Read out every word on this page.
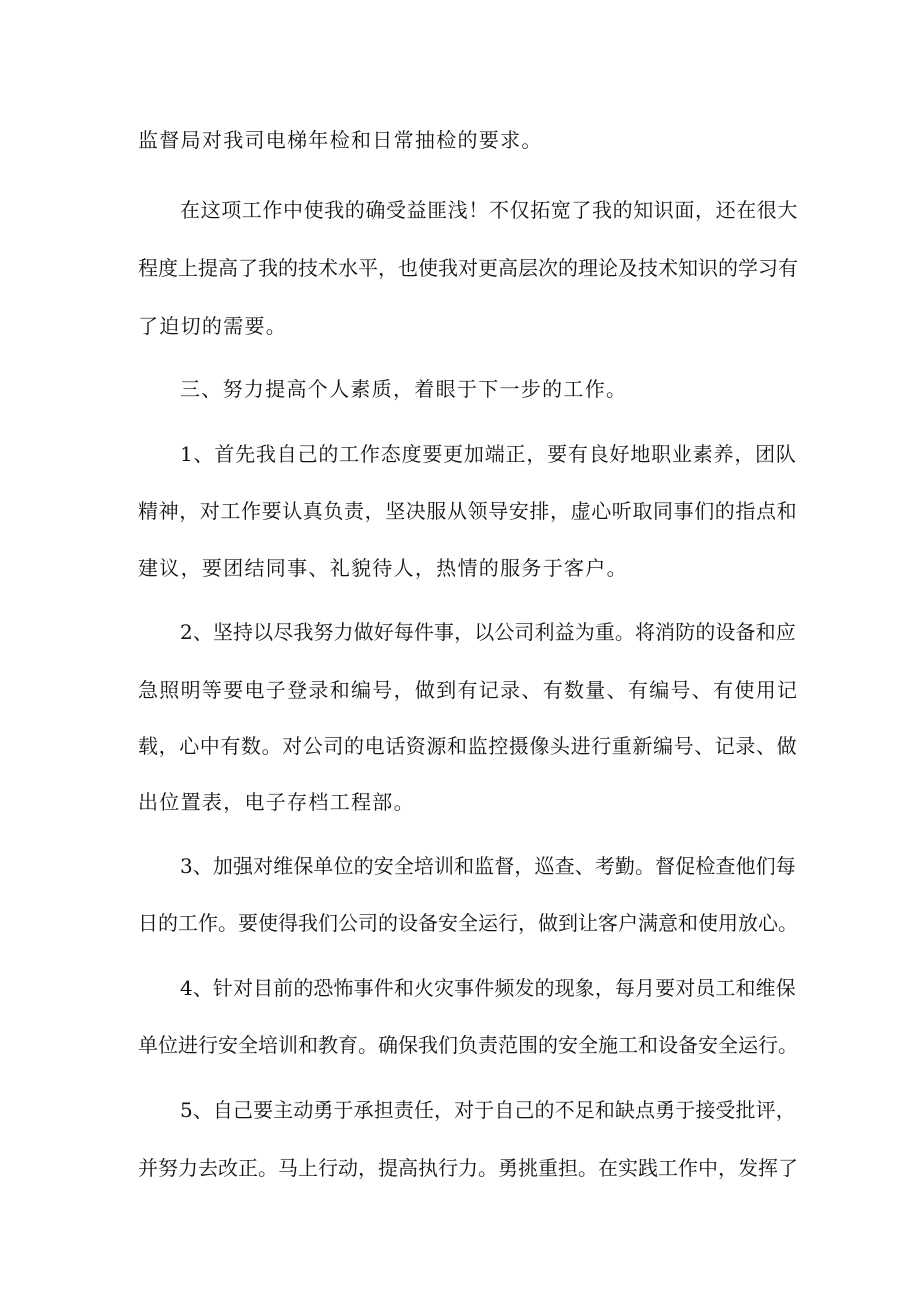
监督局对我司电梯年检和日常抽检的要求。
在这项工作中使我的确受益匪浅！不仅拓宽了我的知识面，还在很大
程度上提高了我的技术水平，也使我对更高层次的理论及技术知识的学习有
了迫切的需要。
三、努力提高个人素质，着眼于下一步的工作。
1、首先我自己的工作态度要更加端正，要有良好地职业素养，团队
精神，对工作要认真负责，坚决服从领导安排，虚心听取同事们的指点和
建议，要团结同事、礼貌待人，热情的服务于客户。
2、坚持以尽我努力做好每件事，以公司利益为重。将消防的设备和应
急照明等要电子登录和编号，做到有记录、有数量、有编号、有使用记
载，心中有数。对公司的电话资源和监控摄像头进行重新编号、记录、做
出位置表，电子存档工程部。
3、加强对维保单位的安全培训和监督，巡查、考勤。督促检查他们每
日的工作。要使得我们公司的设备安全运行，做到让客户满意和使用放心。
4、针对目前的恐怖事件和火灾事件频发的现象，每月要对员工和维保
单位进行安全培训和教育。确保我们负责范围的安全施工和设备安全运行。
5、自己要主动勇于承担责任，对于自己的不足和缺点勇于接受批评，
并努力去改正。马上行动，提高执行力。勇挑重担。在实践工作中，发挥了
